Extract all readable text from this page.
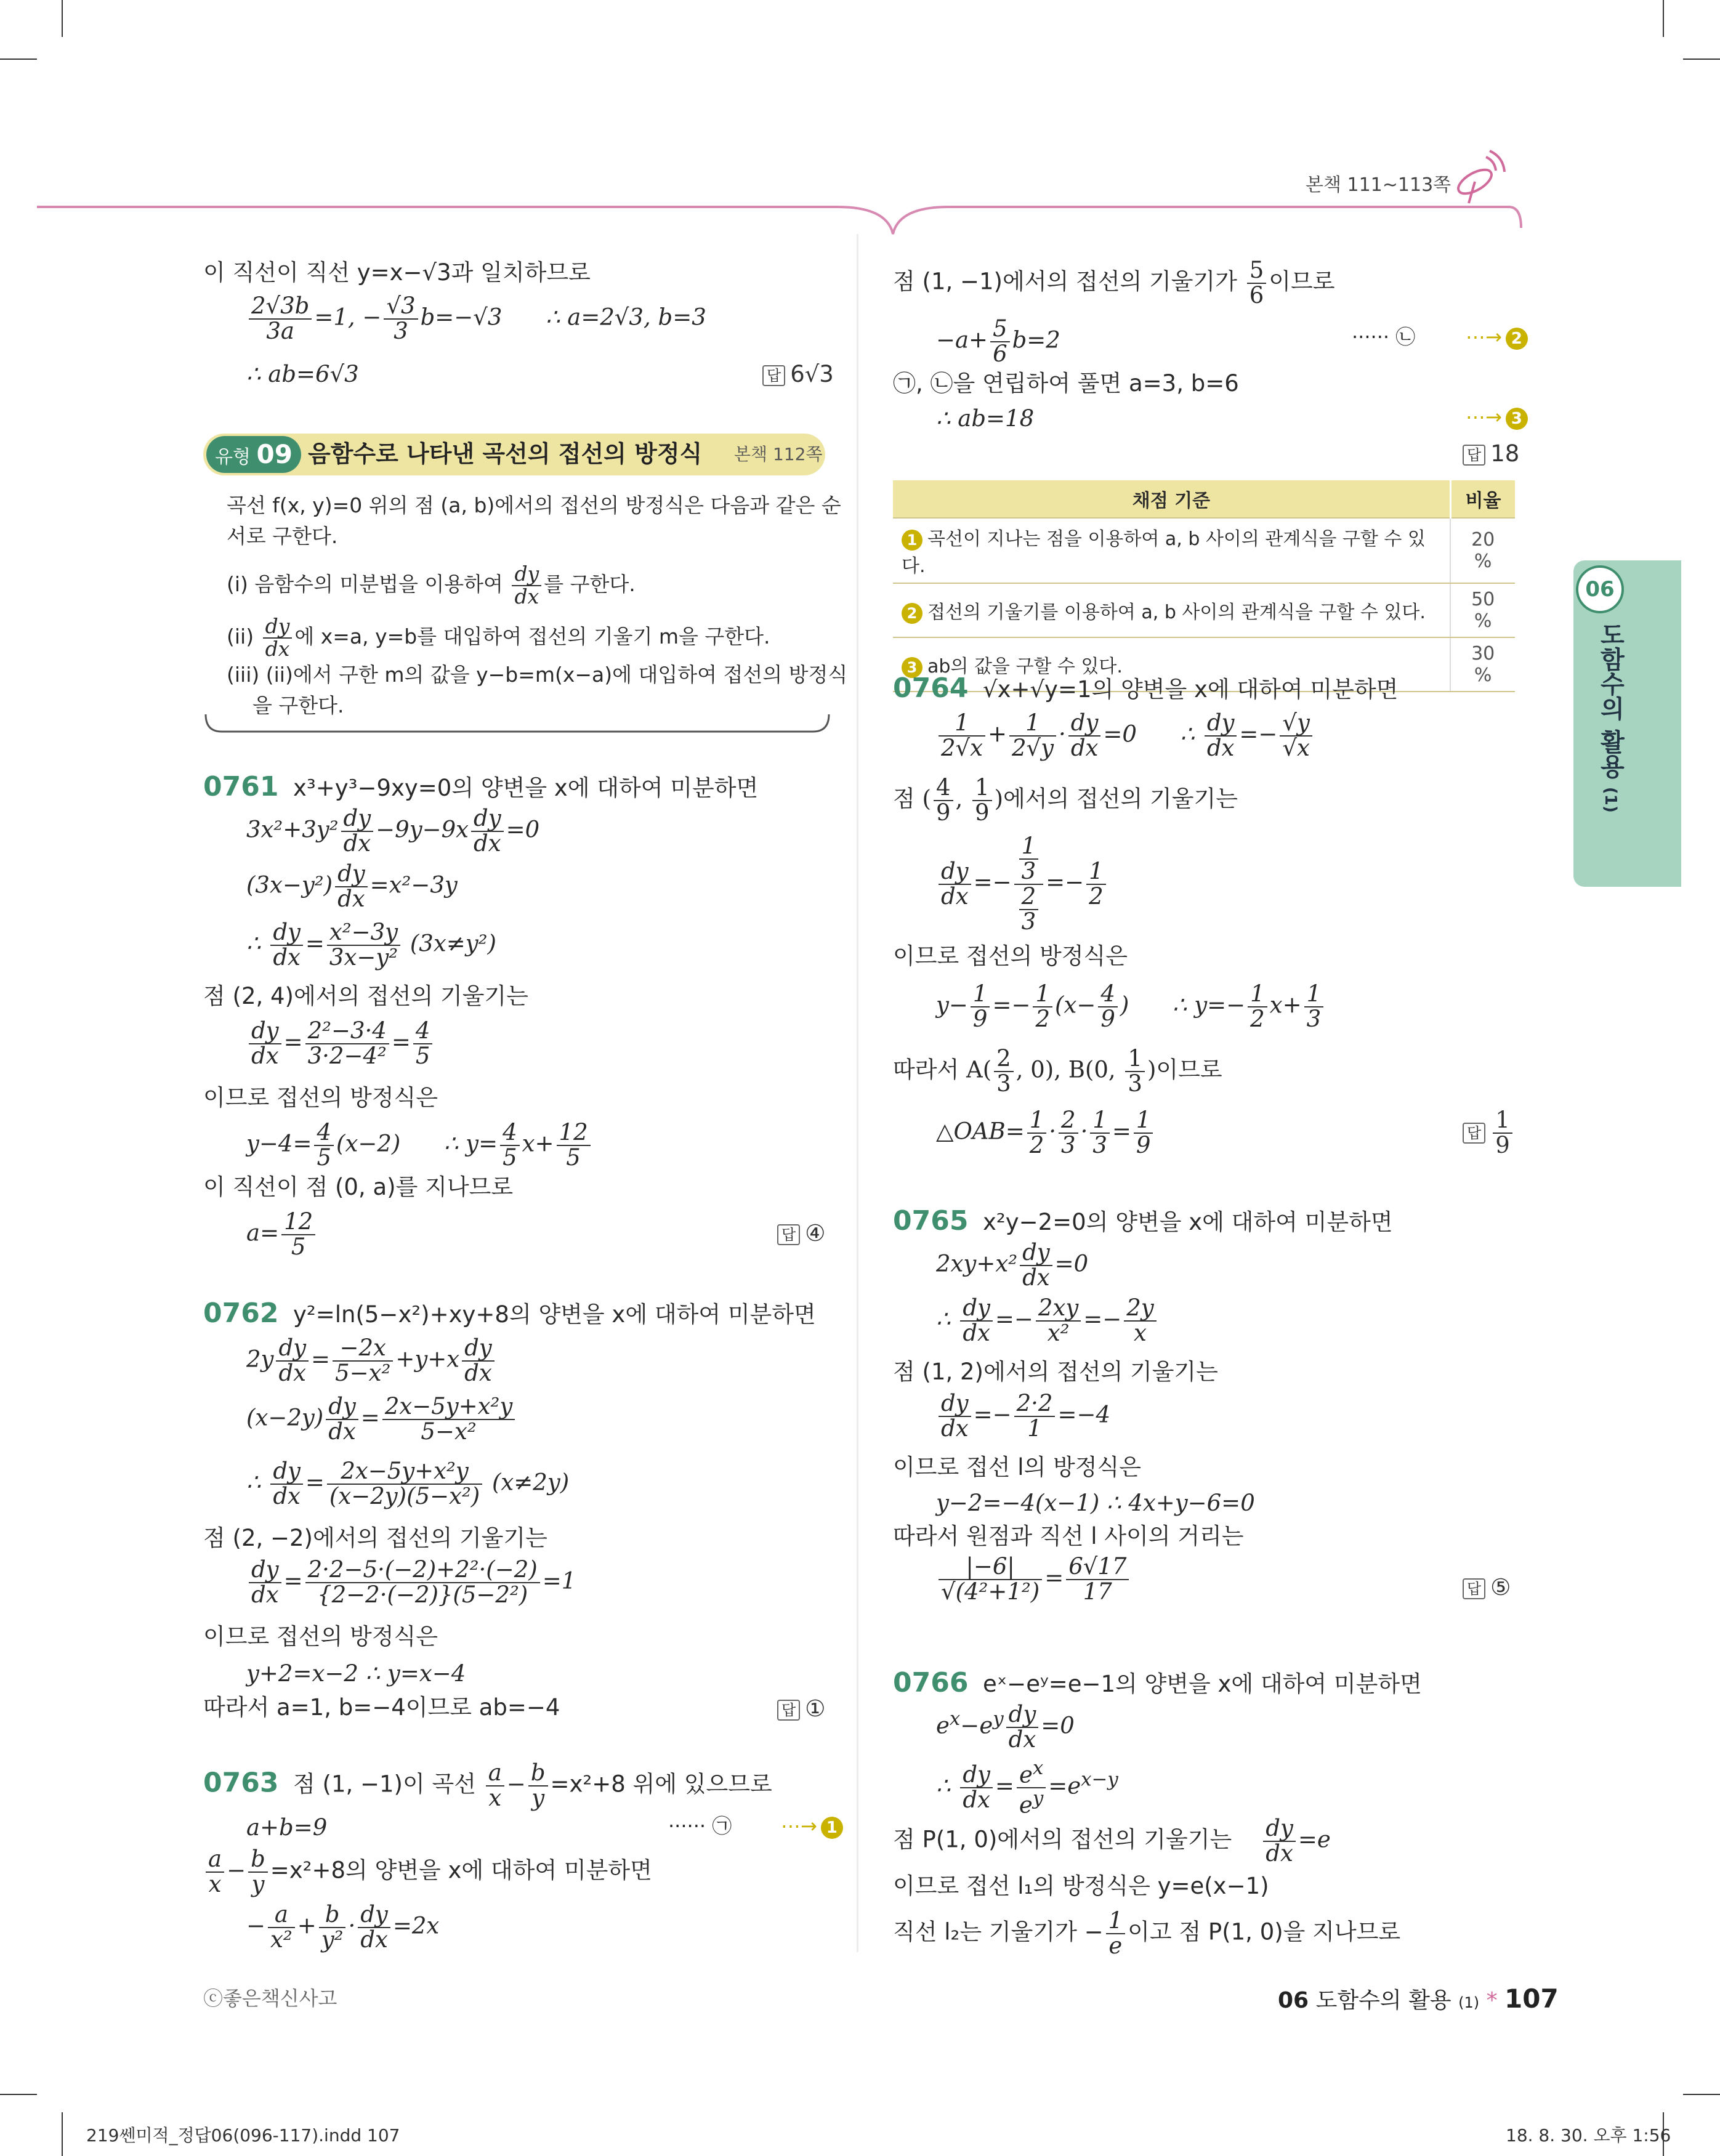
본책 111~113쪽
06
도함수의 활용 (1)
이 직선이 직선 y=x−√3과 일치하므로
$\frac{2√3b}{3a} =1$, − $\frac{√3}{3} b=-√3$      ∴ a=2√3, b=3
∴ ab=6√3	답 6√3
유형 09 음함수로 나타낸 곡선의 접선의 방정식 본책 112쪽
곡선 f(x, y)=0 위의 점 (a, b)에서의 접선의 방정식은 다음과 같은 순
서로 구한다.
(i) 음함수의 미분법을 이용하여 $\frac{dy}{dx}$ 를 구한다.
$(ii) \frac{dy}{dx}$ 에 x=a, y=b를 대입하여 접선의 기울기 m을 구한다.
(iii) (ii)에서 구한 m의 값을 y−b=m(x−a)에 대입하여 접선의 방정식
을 구한다.
0761 x³+y³−9xy=0의 양변을 x에 대하여 미분하면
$3x^2+3y^2 \frac{dy}{dx} -9y-9x \frac{dy}{dx} =0$
$(3x-y^2) \frac{dy}{dx} =x^2-3y$
∴ $\frac{dy}{dx} = \frac{\text{x²−3y}}{\text{3x−y²}} (3x\ne y^2)$
점 (2, 4)에서의 접선의 기울기는
$\frac{dy}{dx} = \frac{\text{2²−3·4}}{\text{3·2−4²}} = \frac{4}{5}$
이므로 접선의 방정식은
$y-4= \frac{4}{5} (x-2)$      ∴ $y= \frac{4}{5} x+ \frac{12}{5}$
이 직선이 점 (0, a)를 지나므로
$a= \frac{12}{5}$	답 ④
0762 y²=ln(5−x²)+xy+8의 양변을 x에 대하여 미분하면
$2y \frac{dy}{dx} = \frac{-2x}{\text{5−x²}} +y+x \frac{dy}{dx}$
$(x-2y) \frac{dy}{dx} = \frac{\text{2x−5y+x²y}}{\text{5−x²}}$
∴ $\frac{dy}{dx} = \frac{\text{2x−5y+x²y}}{\text{(x−2y)(5−x²)}} (x\ne 2y)$
점 (2, −2)에서의 접선의 기울기는
$\frac{dy}{dx} = \frac{\text{2·2−5·(−2)+2²·(−2)}}{\text{\{2−2·(−2)\}(5−2²)}} =1$
이므로 접선의 방정식은
y+2=x−2 ∴ y=x−4
따라서 a=1, b=−4이므로 ab=−4	답 ①
0763 점 (1, −1)이 곡선 $\frac{a}{x} - \frac{b}{y} =x^2+8$ 위에 있으므로
a+b=9	······ ㉠ ⋯→ 1
$\frac{a}{x} - \frac{b}{y} =x^2+8$의 양변을 x에 대하여 미분하면
− $\frac{a}{\text{x²}} + \frac{b}{\text{y²}} \cdot \frac{dy}{dx} =2x$
점 (1, −1)에서의 접선의 기울기가 $\frac{5}{6}$ 이므로
$-a+ \frac{5}{6} b=2$	······ ㉡	⋯→ 2
㉠, ㉡을 연립하여 풀면 a=3, b=6
∴ ab=18	⋯→ 3
답 18
채점 기준	비율
1 곡선이 지나는 점을 이용하여 a, b 사이의 관계식을 구할 수 있다.	20 %
2 접선의 기울기를 이용하여 a, b 사이의 관계식을 구할 수 있다.	50 %
3 ab의 값을 구할 수 있다.	30 %
0764 √x+√y=1의 양변을 x에 대하여 미분하면
$\frac{1}{2√x} + \frac{1}{2√y} \cdot \frac{dy}{dx} =0$      ∴ $\frac{dy}{dx} =- \frac{√y}{√x}$
점 ( $\frac{4}{9}$ , $\frac{1}{9}$ )에서의 접선의 기울기는
$\frac{dy}{dx} =- \frac{\frac{1}{3}}{\frac{2}{3}} =- \frac{1}{2}$
이므로 접선의 방정식은
$y- \frac{1}{9} =- \frac{1}{2} (x- \frac{4}{9}$ )      ∴ $y=- \frac{1}{2} x+ \frac{1}{3}$
따라서 $A( \frac{2}{3}$ , 0), B(0, $\frac{1}{3}$ )이므로
△OAB= $\frac{1}{2} \cdot \frac{2}{3} \cdot \frac{1}{3} = \frac{1}{9}$	답 $\frac{1}{9}$
0765 x²y−2=0의 양변을 x에 대하여 미분하면
$2xy+x^2 \frac{dy}{dx} =0$
∴ $\frac{dy}{dx} =- \frac{2xy}{\text{x²}} =- \frac{2y}{x}$
점 (1, 2)에서의 접선의 기울기는
$\frac{dy}{dx} =- \frac{2\cdot 2}{1} =-4$
이므로 접선 l의 방정식은
y−2=−4(x−1) ∴ 4x+y−6=0
따라서 원점과 직선 l 사이의 거리는
$\frac{|-6|}{\text{√(4²+1²)}} = \frac{6√17}{17}$	답 ⑤
0766 eˣ−eʸ=e−1의 양변을 x에 대하여 미분하면
$e^x-e^y \frac{dy}{dx} =0$
∴ $\frac{dy}{dx} = \frac{e^x}{e^y} =e^{x-y}$
점 P(1, 0)에서의 접선의 기울기는 $\frac{dy}{dx} =e$
이므로 접선 l₁의 방정식은 y=e(x−1)
직선 l₂는 기울기가 − $\frac{1}{e}$ 이고 점 P(1, 0)을 지나므로
ⓒ좋은책신사고	06 도함수의 활용 (1) * 107
219쎈미적_정답06(096-117).indd 107	18. 8. 30. 오후 1:56
